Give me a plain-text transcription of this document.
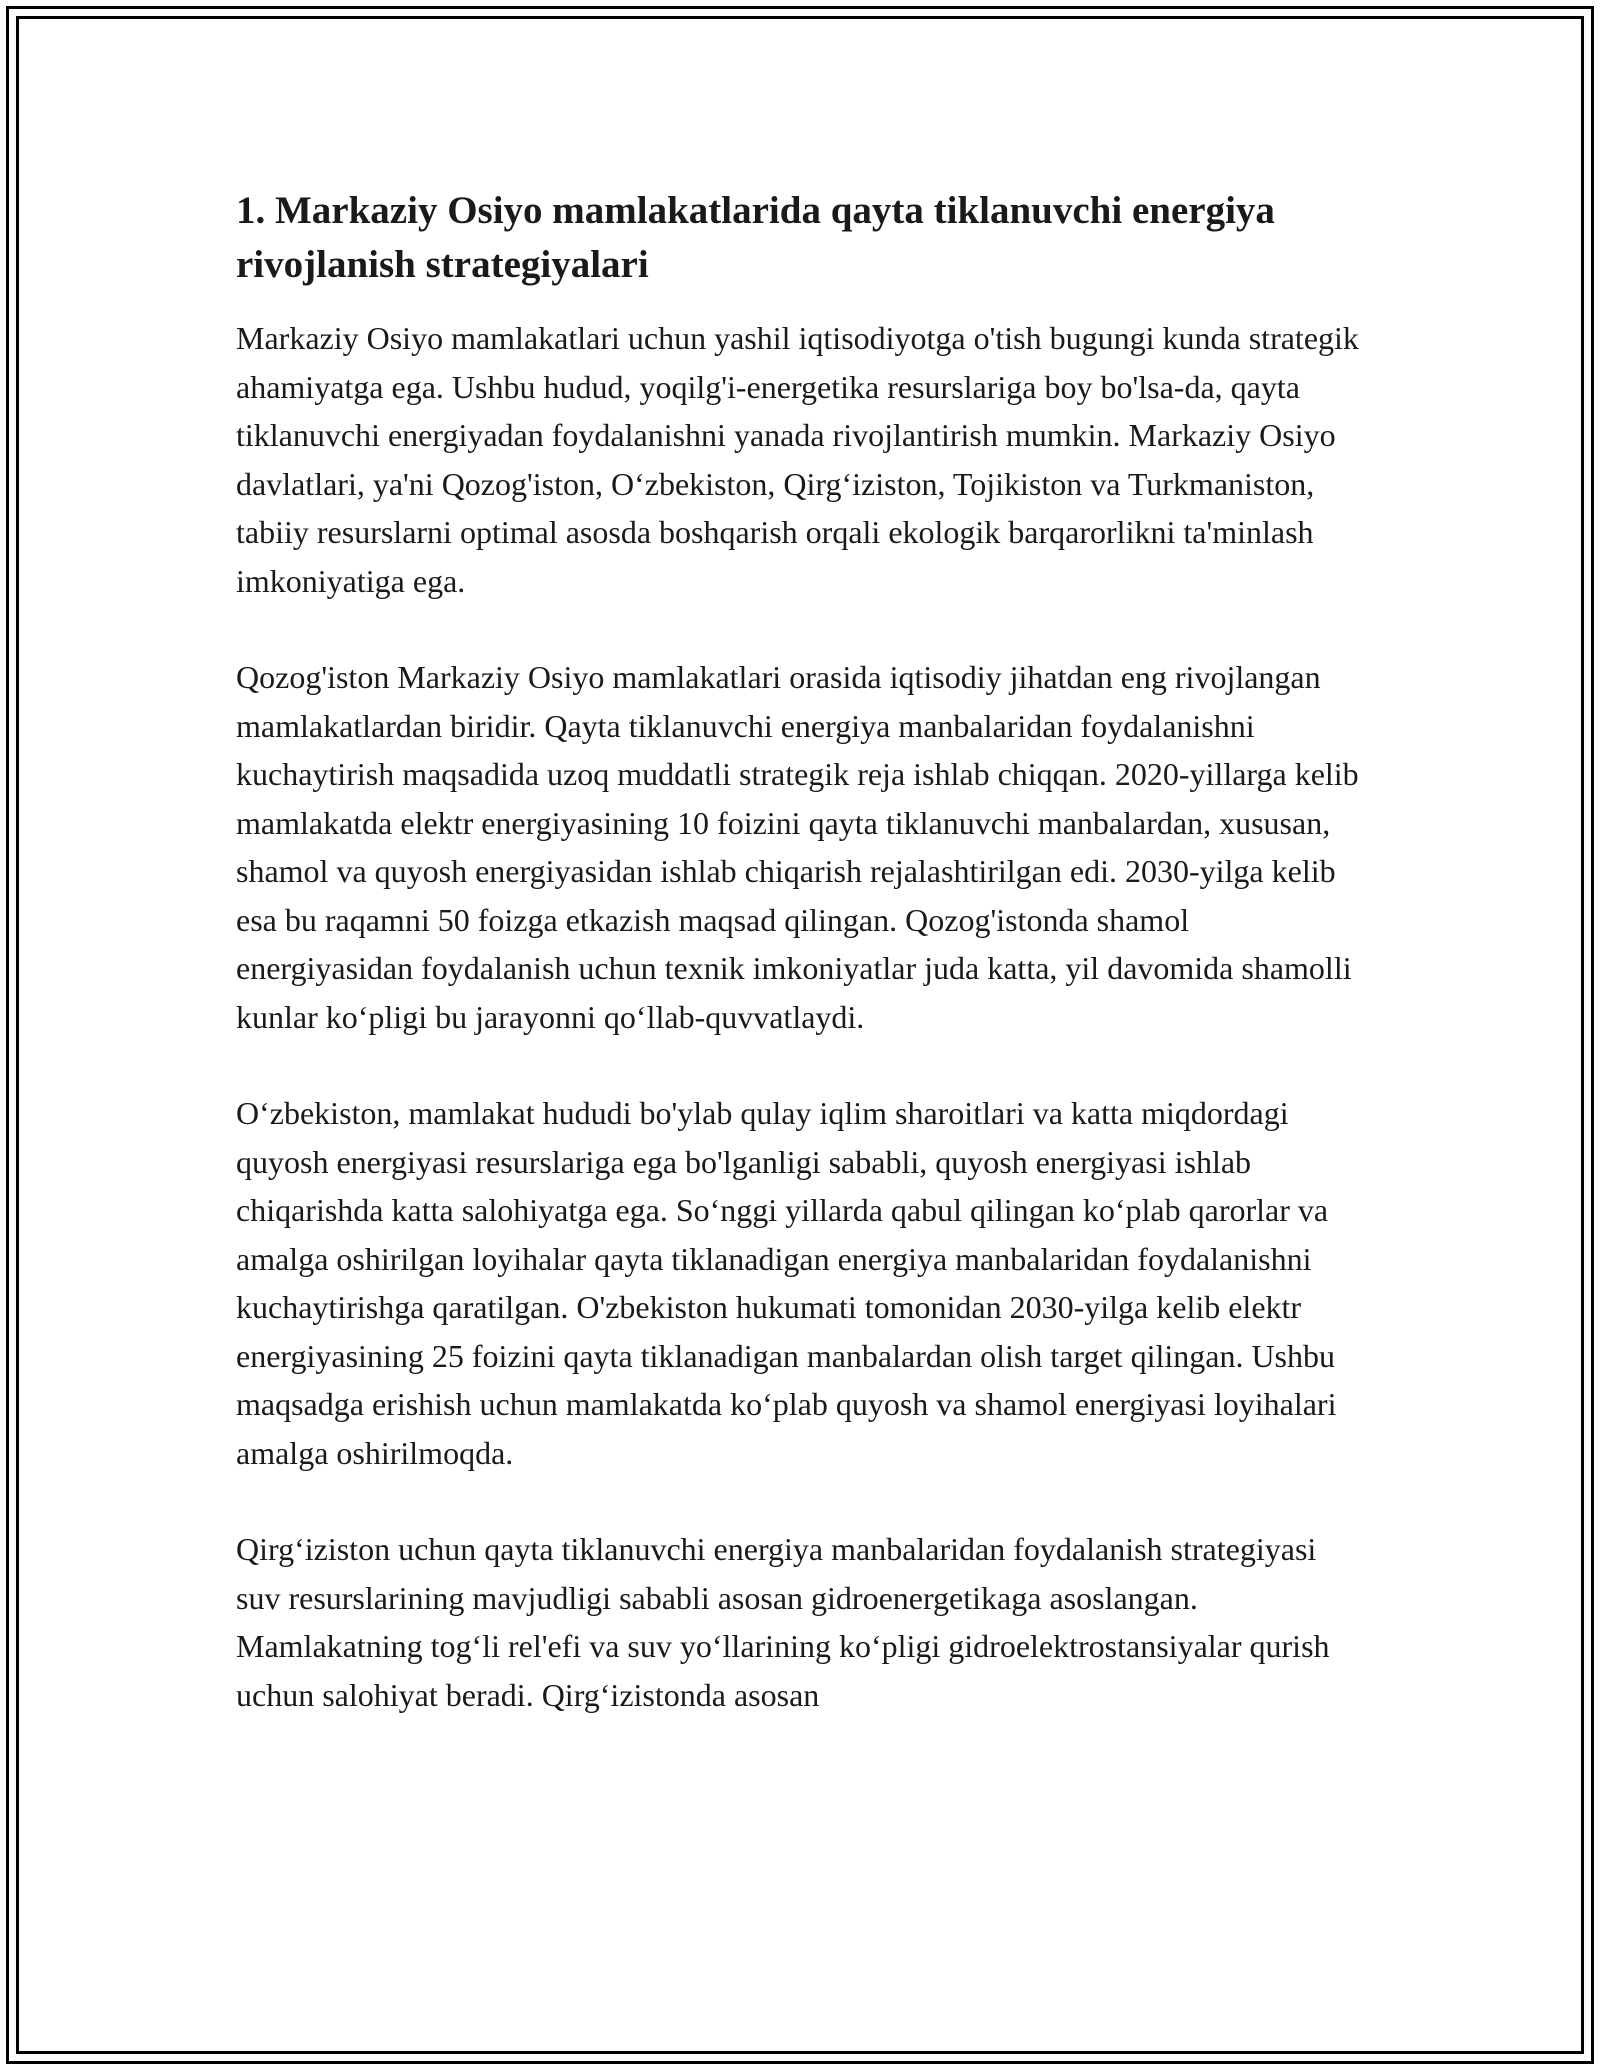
1. Markaziy Osiyo mamlakatlarida qayta tiklanuvchi energiya rivojlanish strategiyalari

Markaziy Osiyo mamlakatlari uchun yashil iqtisodiyotga o'tish bugungi kunda strategik ahamiyatga ega. Ushbu hudud, yoqilg'i-energetika resurslariga boy bo'lsa-da, qayta tiklanuvchi energiyadan foydalanishni yanada rivojlantirish mumkin. Markaziy Osiyo davlatlari, ya'ni Qozog'iston, O‘zbekiston, Qirg‘iziston, Tojikiston va Turkmaniston, tabiiy resurslarni optimal asosda boshqarish orqali ekologik barqarorlikni ta'minlash imkoniyatiga ega.

Qozog'iston Markaziy Osiyo mamlakatlari orasida iqtisodiy jihatdan eng rivojlangan mamlakatlardan biridir. Qayta tiklanuvchi energiya manbalaridan foydalanishni kuchaytirish maqsadida uzoq muddatli strategik reja ishlab chiqqan. 2020-yillarga kelib mamlakatda elektr energiyasining 10 foizini qayta tiklanuvchi manbalardan, xususan, shamol va quyosh energiyasidan ishlab chiqarish rejalashtirilgan edi. 2030-yilga kelib esa bu raqamni 50 foizga etkazish maqsad qilingan. Qozog'istonda shamol energiyasidan foydalanish uchun texnik imkoniyatlar juda katta, yil davomida shamolli kunlar ko‘pligi bu jarayonni qo‘llab-quvvatlaydi.

O‘zbekiston, mamlakat hududi bo'ylab qulay iqlim sharoitlari va katta miqdordagi quyosh energiyasi resurslariga ega bo'lganligi sababli, quyosh energiyasi ishlab chiqarishda katta salohiyatga ega. So‘nggi yillarda qabul qilingan ko‘plab qarorlar va amalga oshirilgan loyihalar qayta tiklanadigan energiya manbalaridan foydalanishni kuchaytirishga qaratilgan. O'zbekiston hukumati tomonidan 2030-yilga kelib elektr energiyasining 25 foizini qayta tiklanadigan manbalardan olish target qilingan. Ushbu maqsadga erishish uchun mamlakatda ko‘plab quyosh va shamol energiyasi loyihalari amalga oshirilmoqda.

Qirg‘iziston uchun qayta tiklanuvchi energiya manbalaridan foydalanish strategiyasi suv resurslarining mavjudligi sababli asosan gidroenergetikaga asoslangan. Mamlakatning tog‘li rel'efi va suv yo‘llarining ko‘pligi gidroelektrostansiyalar qurish uchun salohiyat beradi. Qirg‘izistonda asosan
